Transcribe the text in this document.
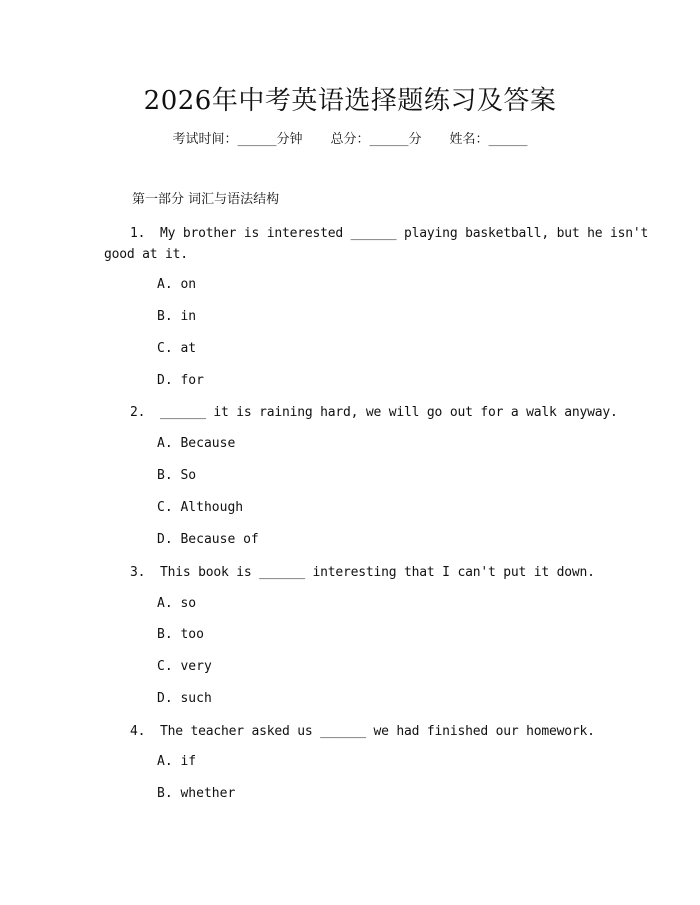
2026年中考英语选择题练习及答案
考试时间：______分钟 总分：______分 姓名：______
第一部分 词汇与语法结构
1. My brother is interested ______ playing basketball, but he isn't
good at it.
A. on
B. in
C. at
D. for
2. ______ it is raining hard, we will go out for a walk anyway.
A. Because
B. So
C. Although
D. Because of
3. This book is ______ interesting that I can't put it down.
A. so
B. too
C. very
D. such
4. The teacher asked us ______ we had finished our homework.
A. if
B. whether
